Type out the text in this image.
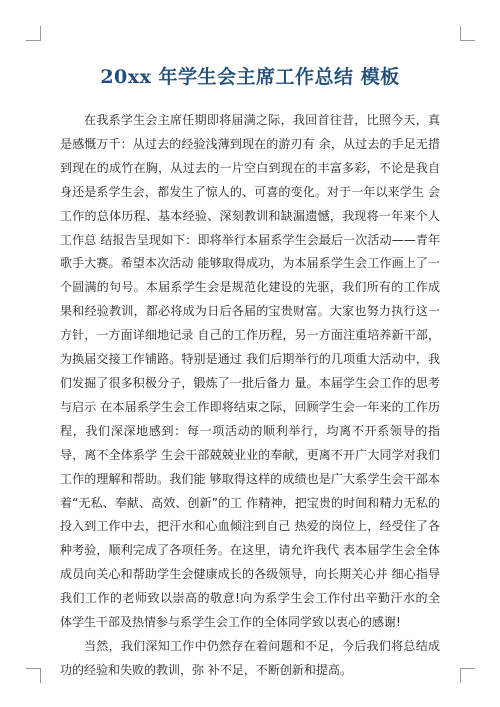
20xx 年学生会主席工作总结 模板

在我系学生会主席任期即将届满之际，我回首往昔，比照今天，真是感慨万千：从过去的经验浅薄到现在的游刃有 余，从过去的手足无措到现在的成竹在胸，从过去的一片空白到现在的丰富多彩，不论是我自身还是系学生会，都发生了惊人的、可喜的变化。对于一年以来学生 会工作的总体历程、基本经验、深刻教训和缺漏遗憾，我现将一年来个人工作总 结报告呈现如下：即将举行本届系学生会最后一次活动——青年歌手大赛。希望本次活动 能够取得成功，为本届系学生会工作画上了一个圆满的句号。本届系学生会是规范化建设的先驱，我们所有的工作成果和经验教训，都必将成为日后各届的宝贵财富。大家也努力执行这一方针，一方面详细地记录 自己的工作历程，另一方面注重培养新干部，为换届交接工作铺路。特别是通过 我们后期举行的几项重大活动中，我们发掘了很多积极分子，锻炼了一批后备力 量。本届学生会工作的思考与启示 在本届系学生会工作即将结束之际，回顾学生会一年来的工作历程，我们深深地感到：每一项活动的顺利举行，均离不开系领导的指导，离不全体系学 生会干部兢兢业业的奉献，更离不开广大同学对我们工作的理解和帮助。我们能 够取得这样的成绩也是广大系学生会干部本着“无私、奉献、高效、创新”的工 作精神，把宝贵的时间和精力无私的投入到工作中去，把汗水和心血倾注到自己 热爱的岗位上，经受住了各种考验，顺利完成了各项任务。在这里，请允许我代 表本届学生会全体成员向关心和帮助学生会健康成长的各级领导，向长期关心并 细心指导我们工作的老师致以崇高的敬意!向为系学生会工作付出辛勤汗水的全 体学生干部及热情参与系学生会工作的全体同学致以衷心的感谢!

当然，我们深知工作中仍然存在着问题和不足，今后我们将总结成功的经验和失败的教训，弥 补不足，不断创新和提高。
